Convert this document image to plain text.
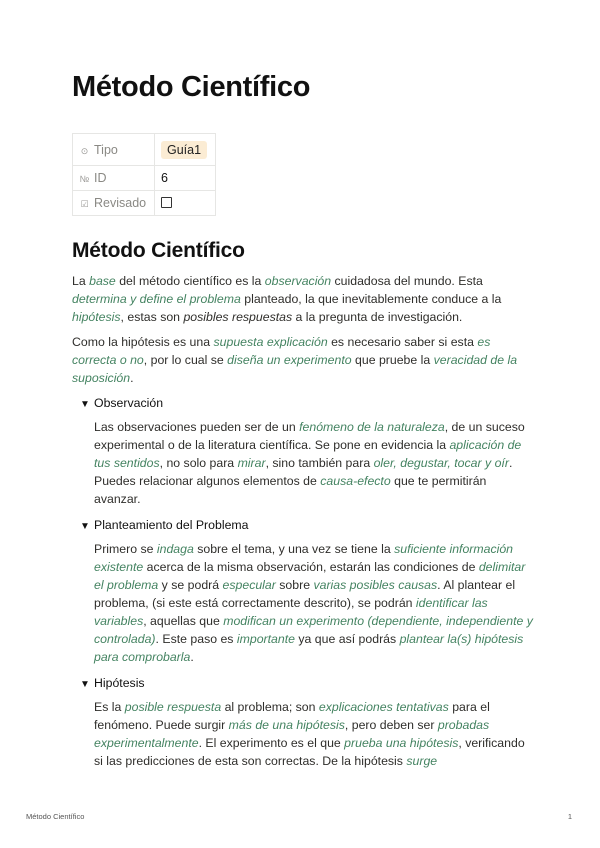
Método Científico
⊙ Tipo	Guía1
№ ID	6
☑ Revisado	
Método Científico

La base del método científico es la observación cuidadosa del mundo. Esta determina y define el problema planteado, la que inevitablemente conduce a la hipótesis, estas son posibles respuestas a la pregunta de investigación.

Como la hipótesis es una supuesta explicación es necesario saber si esta es correcta o no, por lo cual se diseña un experimento que pruebe la veracidad de la suposición.

▼ Observación

Las observaciones pueden ser de un fenómeno de la naturaleza, de un suceso experimental o de la literatura científica. Se pone en evidencia la aplicación de tus sentidos, no solo para mirar, sino también para oler, degustar, tocar y oír. Puedes relacionar algunos elementos de causa-efecto que te permitirán avanzar.

▼ Planteamiento del Problema

Primero se indaga sobre el tema, y una vez se tiene la suficiente información existente acerca de la misma observación, estarán las condiciones de delimitar el problema y se podrá especular sobre varias posibles causas. Al plantear el problema, (si este está correctamente descrito), se podrán identificar las variables, aquellas que modifican un experimento (dependiente, independiente y controlada). Este paso es importante ya que así podrás plantear la(s) hipótesis para comprobarla.

▼ Hipótesis

Es la posible respuesta al problema; son explicaciones tentativas para el fenómeno. Puede surgir más de una hipótesis, pero deben ser probadas experimentalmente. El experimento es el que prueba una hipótesis, verificando si las predicciones de esta son correctas. De la hipótesis surge

Método Científico	1
